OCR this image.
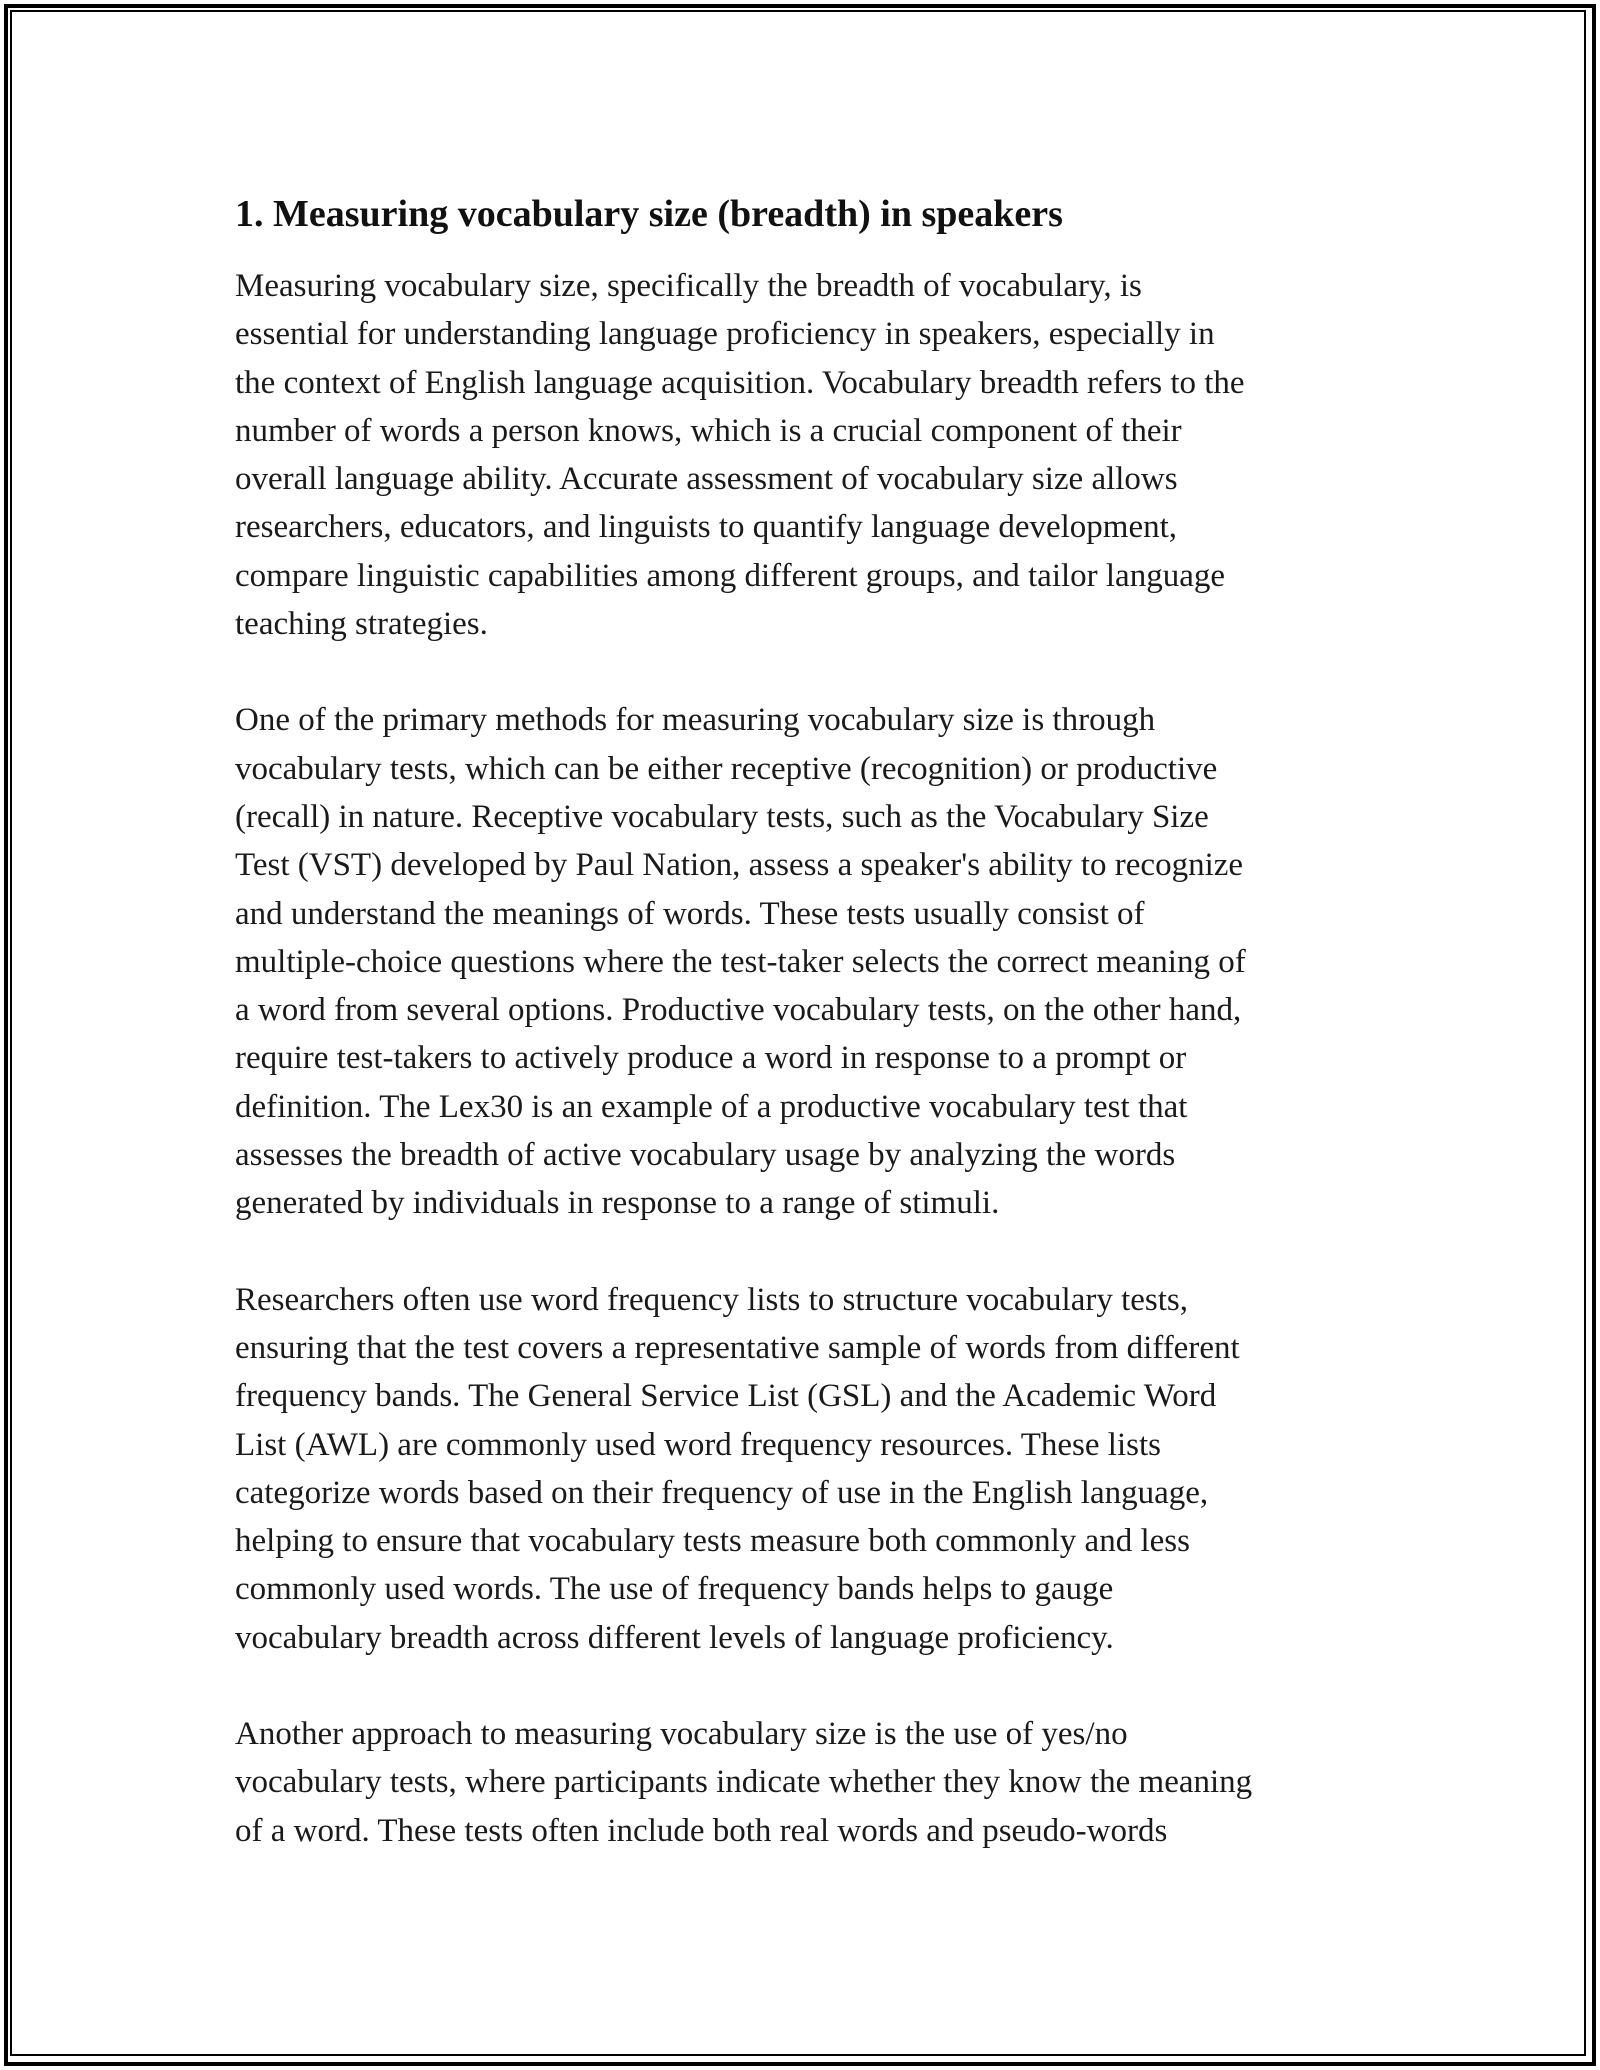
1. Measuring vocabulary size (breadth) in speakers

Measuring vocabulary size, specifically the breadth of vocabulary, is
essential for understanding language proficiency in speakers, especially in
the context of English language acquisition. Vocabulary breadth refers to the
number of words a person knows, which is a crucial component of their
overall language ability. Accurate assessment of vocabulary size allows
researchers, educators, and linguists to quantify language development,
compare linguistic capabilities among different groups, and tailor language
teaching strategies.

One of the primary methods for measuring vocabulary size is through
vocabulary tests, which can be either receptive (recognition) or productive
(recall) in nature. Receptive vocabulary tests, such as the Vocabulary Size
Test (VST) developed by Paul Nation, assess a speaker's ability to recognize
and understand the meanings of words. These tests usually consist of
multiple-choice questions where the test-taker selects the correct meaning of
a word from several options. Productive vocabulary tests, on the other hand,
require test-takers to actively produce a word in response to a prompt or
definition. The Lex30 is an example of a productive vocabulary test that
assesses the breadth of active vocabulary usage by analyzing the words
generated by individuals in response to a range of stimuli.

Researchers often use word frequency lists to structure vocabulary tests,
ensuring that the test covers a representative sample of words from different
frequency bands. The General Service List (GSL) and the Academic Word
List (AWL) are commonly used word frequency resources. These lists
categorize words based on their frequency of use in the English language,
helping to ensure that vocabulary tests measure both commonly and less
commonly used words. The use of frequency bands helps to gauge
vocabulary breadth across different levels of language proficiency.

Another approach to measuring vocabulary size is the use of yes/no
vocabulary tests, where participants indicate whether they know the meaning
of a word. These tests often include both real words and pseudo-words
